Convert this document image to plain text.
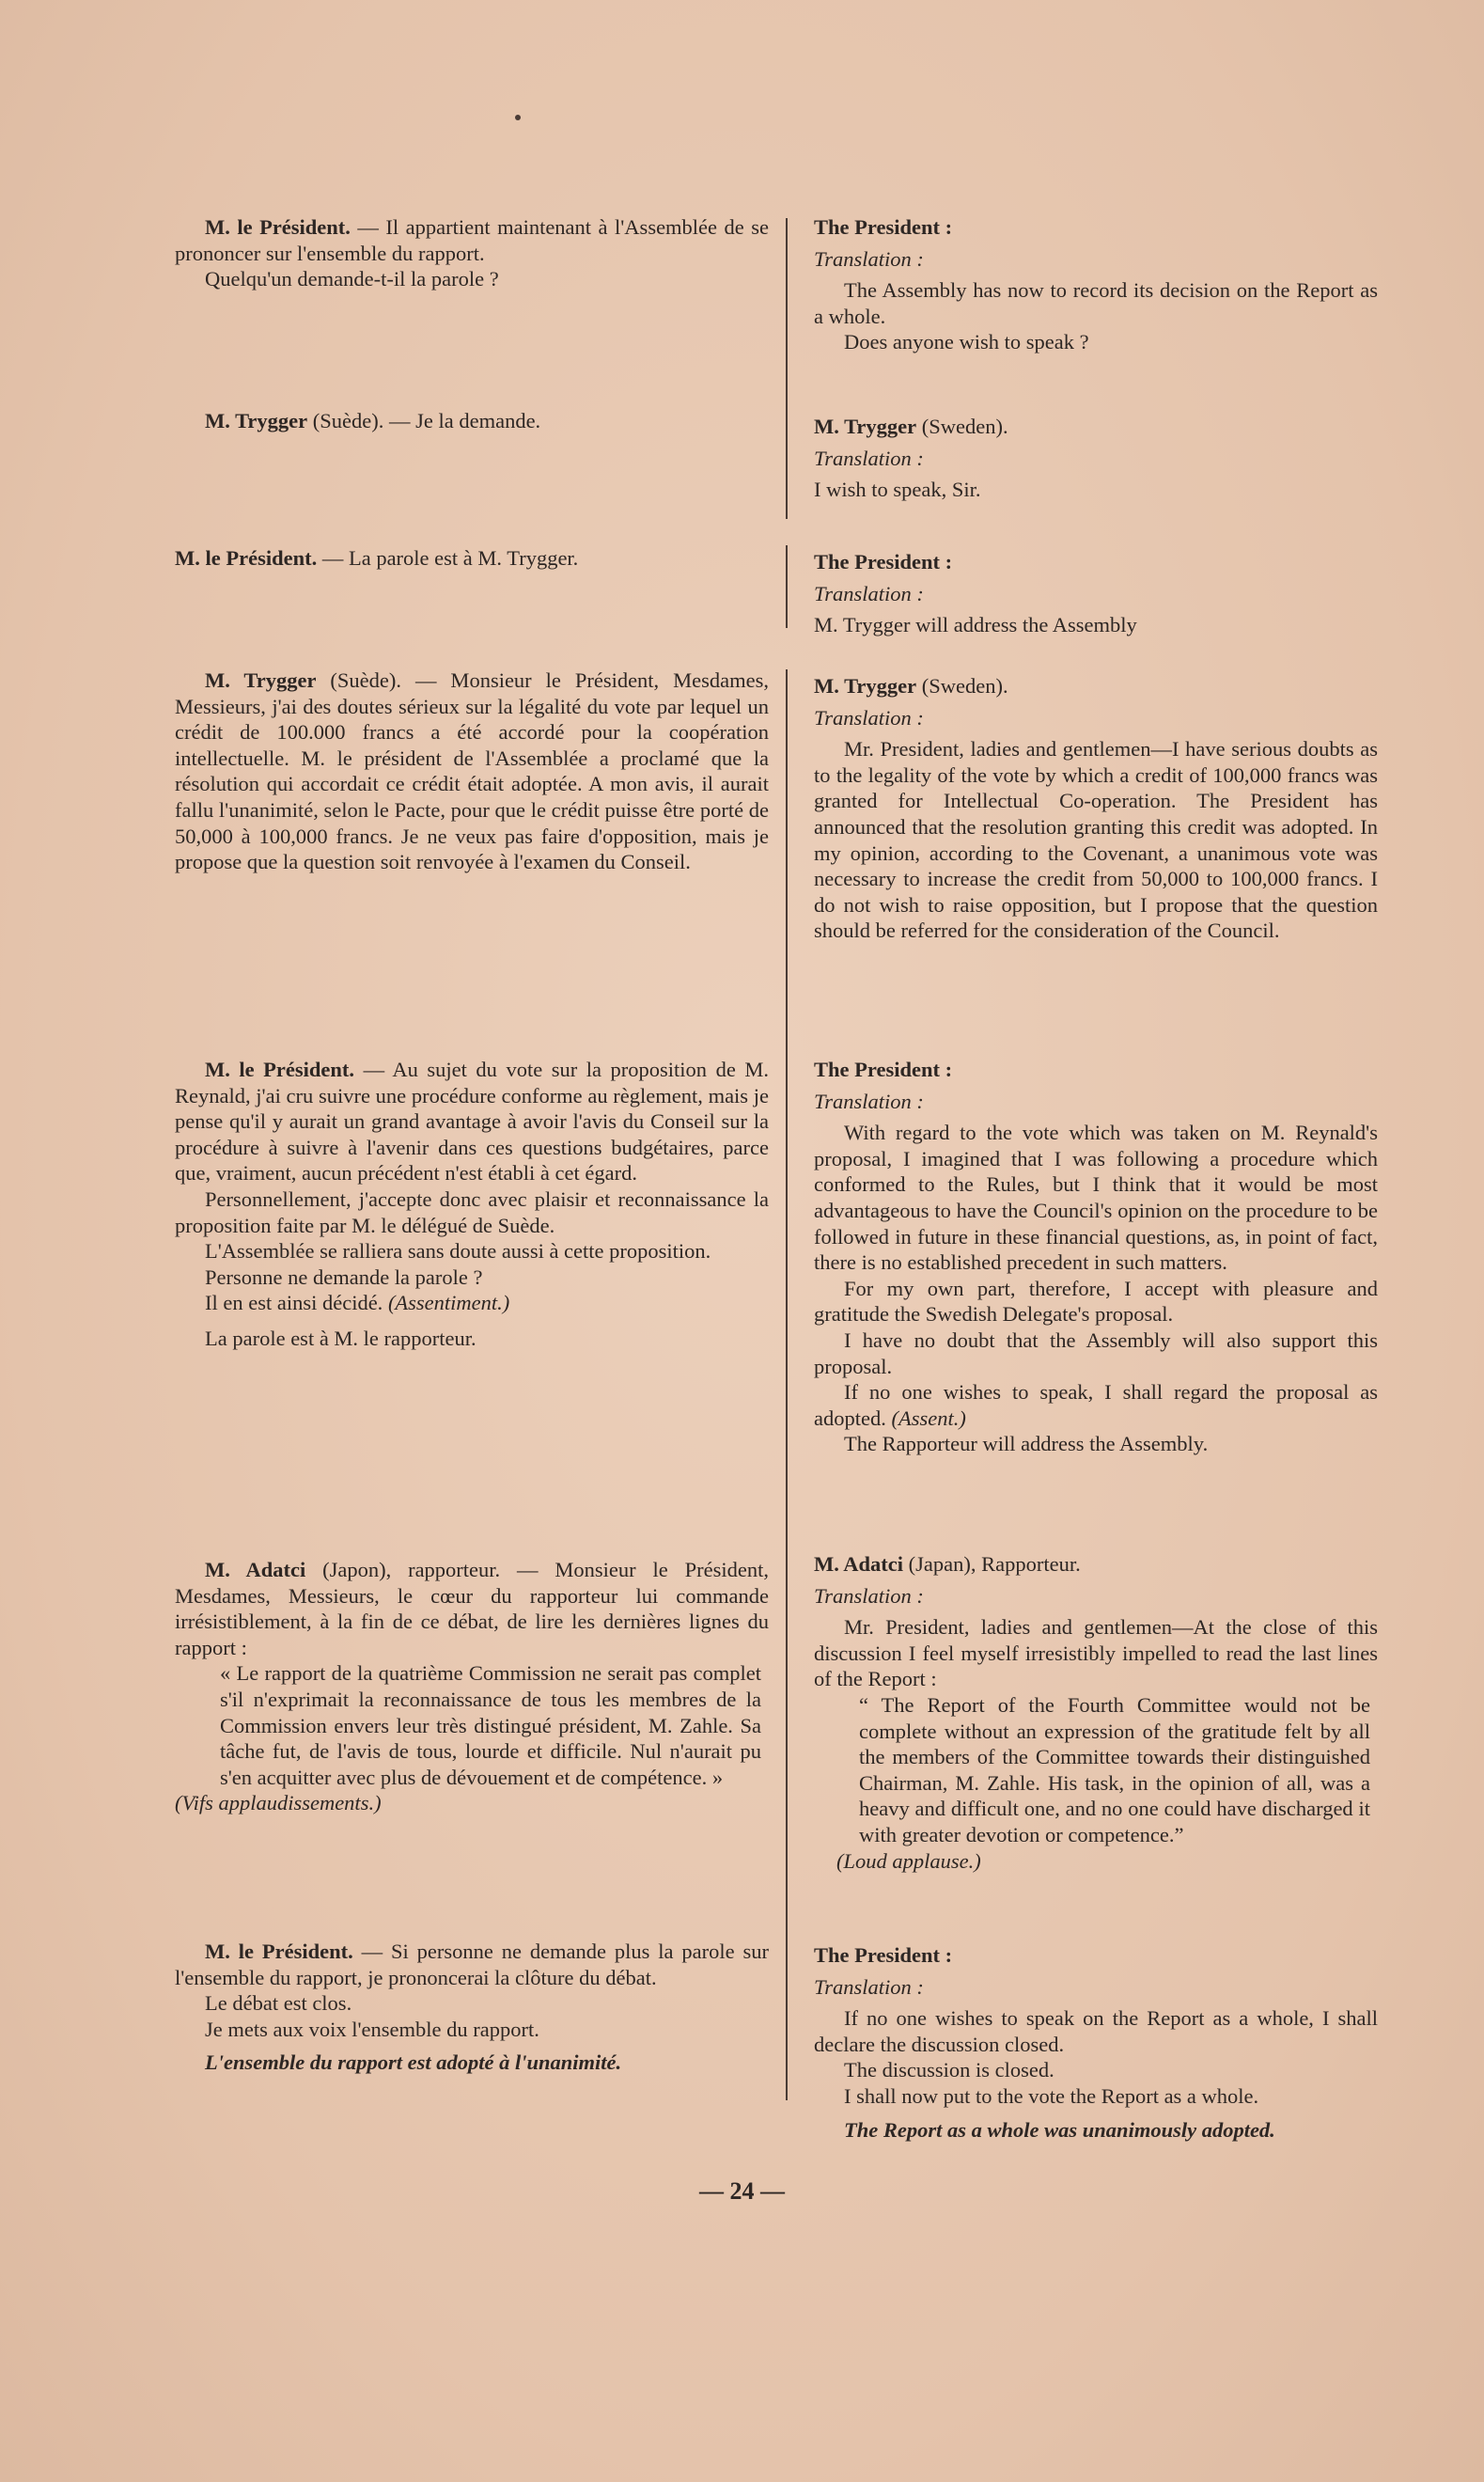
M. le Président. — Il appartient maintenant à l'Assemblée de se prononcer sur l'ensemble du rapport.

Quelqu'un demande-t-il la parole ?

The President :

Translation :

The Assembly has now to record its decision on the Report as a whole.

Does anyone wish to speak ?

M. Trygger (Suède). — Je la demande.	M. Trygger (Sweden).

Translation :

I wish to speak, Sir.

M. le Président. — La parole est à M. Trygger.	The President :

Translation :

M. Trygger will address the Assembly

M. Trygger (Suède). — Monsieur le Président, Mesdames, Messieurs, j'ai des doutes sérieux sur la légalité du vote par lequel un crédit de 100.000 francs a été accordé pour la coopération intellectuelle. M. le président de l'Assemblée a proclamé que la résolution qui accordait ce crédit était adoptée. A mon avis, il aurait fallu l'unanimité, selon le Pacte, pour que le crédit puisse être porté de 50,000 à 100,000 francs. Je ne veux pas faire d'opposition, mais je propose que la question soit renvoyée à l'examen du Conseil.

M. Trygger (Sweden).

Translation :

Mr. President, ladies and gentlemen—I have serious doubts as to the legality of the vote by which a credit of 100,000 francs was granted for Intellectual Co-operation. The President has announced that the resolution granting this credit was adopted. In my opinion, according to the Covenant, a unanimous vote was necessary to increase the credit from 50,000 to 100,000 francs. I do not wish to raise opposition, but I propose that the question should be referred for the consideration of the Council.

M. le Président. — Au sujet du vote sur la proposition de M. Reynald, j'ai cru suivre une procédure conforme au règlement, mais je pense qu'il y aurait un grand avantage à avoir l'avis du Conseil sur la procédure à suivre à l'avenir dans ces questions budgétaires, parce que, vraiment, aucun précédent n'est établi à cet égard.

Personnellement, j'accepte donc avec plaisir et reconnaissance la proposition faite par M. le délégué de Suède.

L'Assemblée se ralliera sans doute aussi à cette proposition.

Personne ne demande la parole ?

Il en est ainsi décidé. (Assentiment.)

La parole est à M. le rapporteur.

The President :

Translation :

With regard to the vote which was taken on M. Reynald's proposal, I imagined that I was following a procedure which conformed to the Rules, but I think that it would be most advantageous to have the Council's opinion on the procedure to be followed in future in these financial questions, as, in point of fact, there is no established precedent in such matters.

For my own part, therefore, I accept with pleasure and gratitude the Swedish Delegate's proposal.

I have no doubt that the Assembly will also support this proposal.

If no one wishes to speak, I shall regard the proposal as adopted. (Assent.)

The Rapporteur will address the Assembly.

M. Adatci (Japon), rapporteur. — Monsieur le Président, Mesdames, Messieurs, le cœur du rapporteur lui commande irrésistiblement, à la fin de ce débat, de lire les dernières lignes du rapport :

« Le rapport de la quatrième Commission ne serait pas complet s'il n'exprimait la reconnaissance de tous les membres de la Commission envers leur très distingué président, M. Zahle. Sa tâche fut, de l'avis de tous, lourde et difficile. Nul n'aurait pu s'en acquitter avec plus de dévouement et de compétence. »

(Vifs applaudissements.)

M. Adatci (Japan), Rapporteur.

Translation :

Mr. President, ladies and gentlemen—At the close of this discussion I feel myself irresistibly impelled to read the last lines of the Report :

“ The Report of the Fourth Committee would not be complete without an expression of the gratitude felt by all the members of the Committee towards their distinguished Chairman, M. Zahle. His task, in the opinion of all, was a heavy and difficult one, and no one could have discharged it with greater devotion or competence.”

(Loud applause.)

M. le Président. — Si personne ne demande plus la parole sur l'ensemble du rapport, je prononcerai la clôture du débat.

Le débat est clos.

Je mets aux voix l'ensemble du rapport.

L'ensemble du rapport est adopté à l'unanimité.

The President :

Translation :

If no one wishes to speak on the Report as a whole, I shall declare the discussion closed.

The discussion is closed.

I shall now put to the vote the Report as a whole.

The Report as a whole was unanimously adopted.

— 24 —
